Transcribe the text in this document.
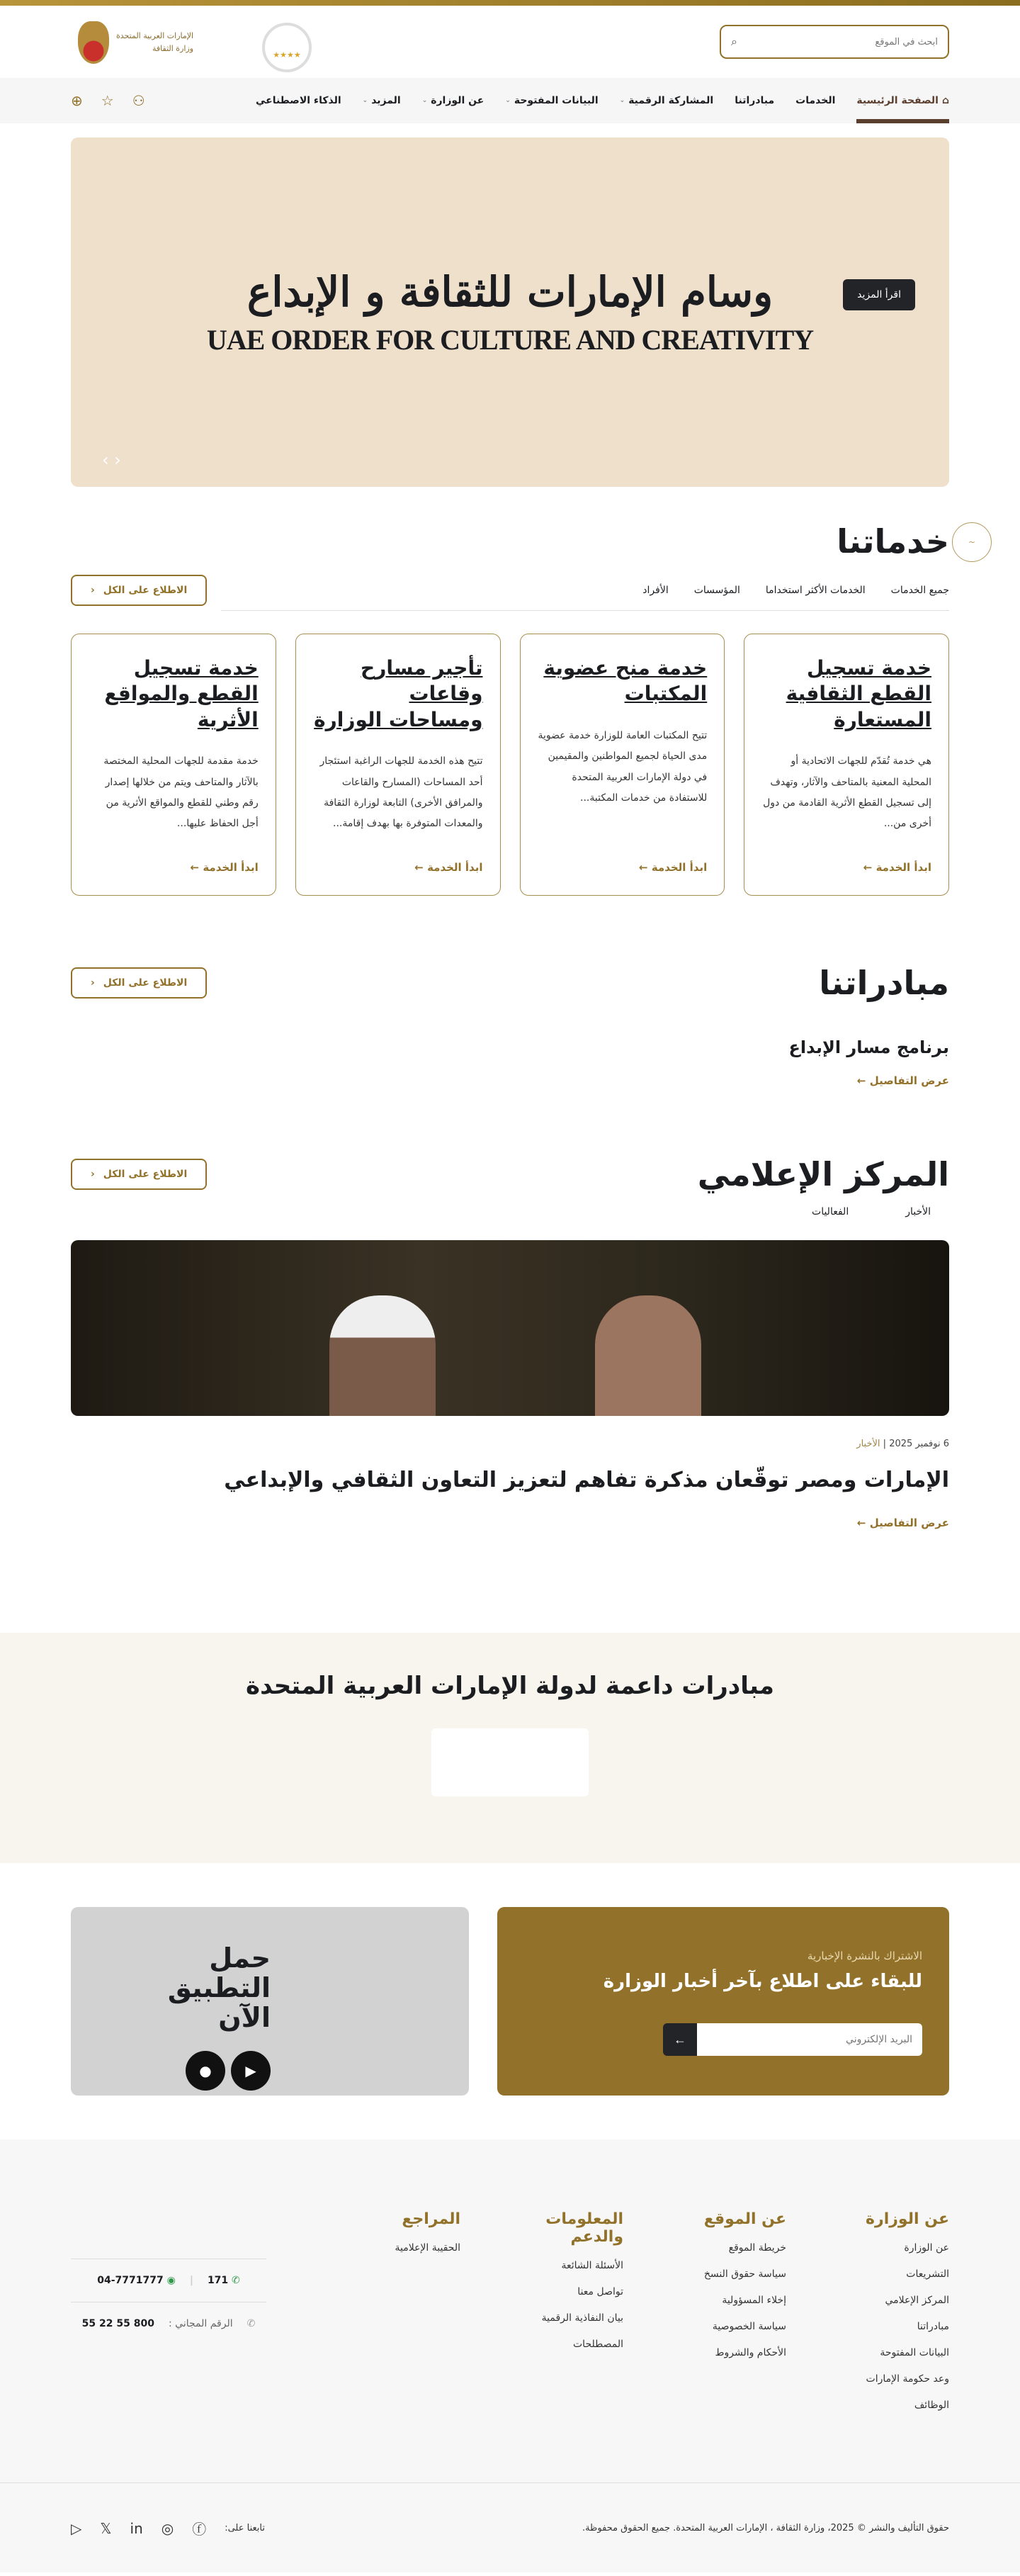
ابحث في الموقع
⌕
★★★★
الإمارات العربية المتحدة
وزارة الثقافة
⌂
الصفحة الرئيسية
الخدمات
مبادراتنا
المشاركة الرقمية
⌄
البيانات المفتوحة
⌄
عن الوزارة
⌄
المزيد
⌄
الذكاء الاصطناعي
⚇
☆
⊕
وسام الإمارات للثقافة و الإبداع
UAE ORDER FOR CULTURE AND CREATIVITY
اقرأ المزيد
‹ ›
~
خدماتنا
جميع الخدمات
الخدمات الأكثر استخداما
المؤسسات
الأفراد
الاطلاع على الكل
‹
خدمة تسجيل القطع الثقافية المستعارة

هي خدمة تُقدّم للجهات الاتحادية أو المحلية المعنية بالمتاحف والآثار، وتهدف إلى تسجيل القطع الأثرية القادمة من دول أخرى من...

ابدأ الخدمة ←
خدمة منح عضوية المكتبات

تتيح المكتبات العامة للوزارة خدمة عضوية مدى الحياة لجميع المواطنين والمقيمين في دولة الإمارات العربية المتحدة للاستفادة من خدمات المكتبة...

ابدأ الخدمة ←
تأجير مسارح وقاعات ومساحات الوزارة

تتيح هذه الخدمة للجهات الراغبة استئجار أحد المساحات (المسارح والقاعات والمرافق الأخرى) التابعة لوزارة الثقافة والمعدات المتوفرة بها بهدف إقامة...

ابدأ الخدمة ←
خدمة تسجيل القطع والمواقع الأثرية

خدمة مقدمة للجهات المحلية المختصة بالآثار والمتاحف ويتم من خلالها إصدار رقم وطني للقطع والمواقع الأثرية من أجل الحفاظ عليها...

ابدأ الخدمة ←
مبادراتنا
الاطلاع على الكل
‹
برنامج مسار الإبداع
عرض التفاصيل ←
المركز الإعلامي
الاطلاع على الكل
‹
الأخبار
الفعاليات
6 نوفمبر 2025 | الأخبار
الإمارات ومصر توقّعان مذكرة تفاهم لتعزيز التعاون الثقافي والإبداعي
عرض التفاصيل ←
مبادرات داعمة لدولة الإمارات العربية المتحدة
الاشتراك بالنشرة الإخبارية
للبقاء على اطلاع بآخر أخبار الوزارة
البريد الإلكتروني
←
حمل التطبيق الآن
▶
●
عن الوزارة
عن الوزارة
التشريعات
المركز الإعلامي
مبادراتنا
البيانات المفتوحة
وعد حكومة الإمارات
الوظائف
عن الموقع
خريطة الموقع
سياسة حقوق النسخ
إخلاء المسؤولية
سياسة الخصوصية
الأحكام والشروط
المعلومات والدعم
الأسئلة الشائعة
تواصل معنا
بيان النفاذية الرقمية
المصطلحات
المراجع
الحقيبة الإعلامية
✆ 171
|
◉ 04-7771777
✆
الرقم المجاني :
800 55 22 55
حقوق التأليف والنشر © 2025، وزارة الثقافة ، الإمارات العربية المتحدة. جميع الحقوق محفوظة.
تابعنا على:
ⓕ
◎
in
𝕏
▷
